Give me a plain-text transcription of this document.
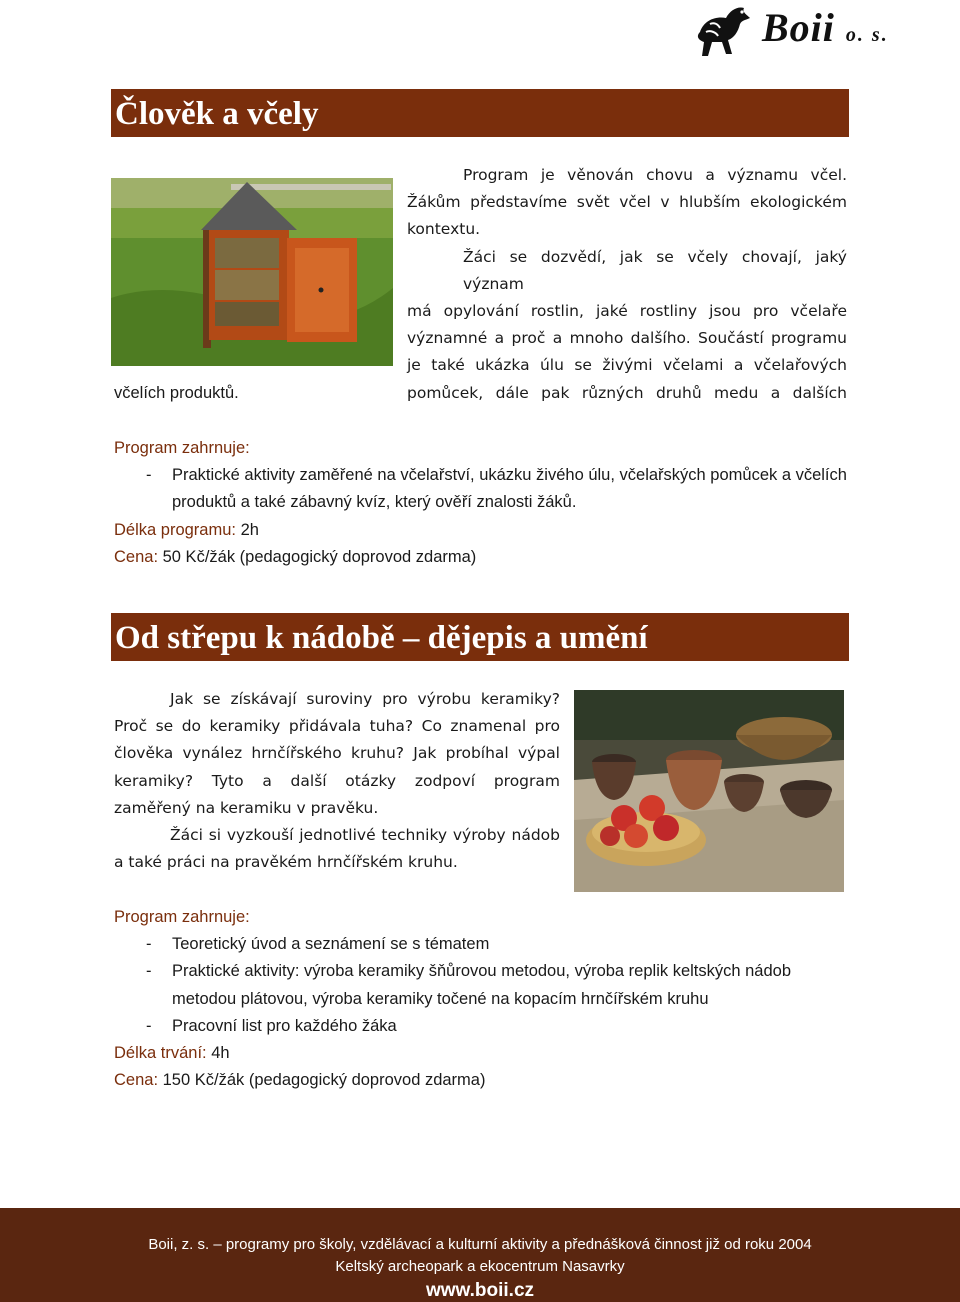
Boii o. s.
Člověk a včely
Program je věnován chovu a významu včel.
Žákům představíme svět včel v hlubším ekologickém
kontextu.
Žáci se dozvědí, jak se včely chovají, jaký význam
má opylování rostlin, jaké rostliny jsou pro včelaře
významné a proč a mnoho dalšího. Součástí programu
je také ukázka úlu se živými včelami a včelařových
pomůcek, dále pak různých druhů medu a dalších
včelích produktů.
Program zahrnuje:
-	Praktické aktivity zaměřené na včelařství, ukázku živého úlu, včelařských pomůcek a včelích produktů a také zábavný kvíz, který ověří znalosti žáků.
Délka programu: 2h
Cena: 50 Kč/žák (pedagogický doprovod zdarma)
Od střepu k nádobě – dějepis a umění
Jak se získávají suroviny pro výrobu keramiky?
Proč se do keramiky přidávala tuha? Co znamenal pro
člověka vynález hrnčířského kruhu? Jak probíhal výpal
keramiky? Tyto a další otázky zodpoví program
zaměřený na keramiku v pravěku.
Žáci si vyzkouší jednotlivé techniky výroby nádob
a také práci na pravěkém hrnčířském kruhu.
Program zahrnuje:
-	Teoretický úvod a seznámení se s tématem
-	Praktické aktivity: výroba keramiky šňůrovou metodou, výroba replik keltských nádob metodou plátovou, výroba keramiky točené na kopacím hrnčířském kruhu
-	Pracovní list pro každého žáka
Délka trvání: 4h
Cena: 150 Kč/žák (pedagogický doprovod zdarma)
Boii, z. s. – programy pro školy, vzdělávací a kulturní aktivity a přednášková činnost již od roku 2004
Keltský archeopark a ekocentrum Nasavrky
www.boii.cz
